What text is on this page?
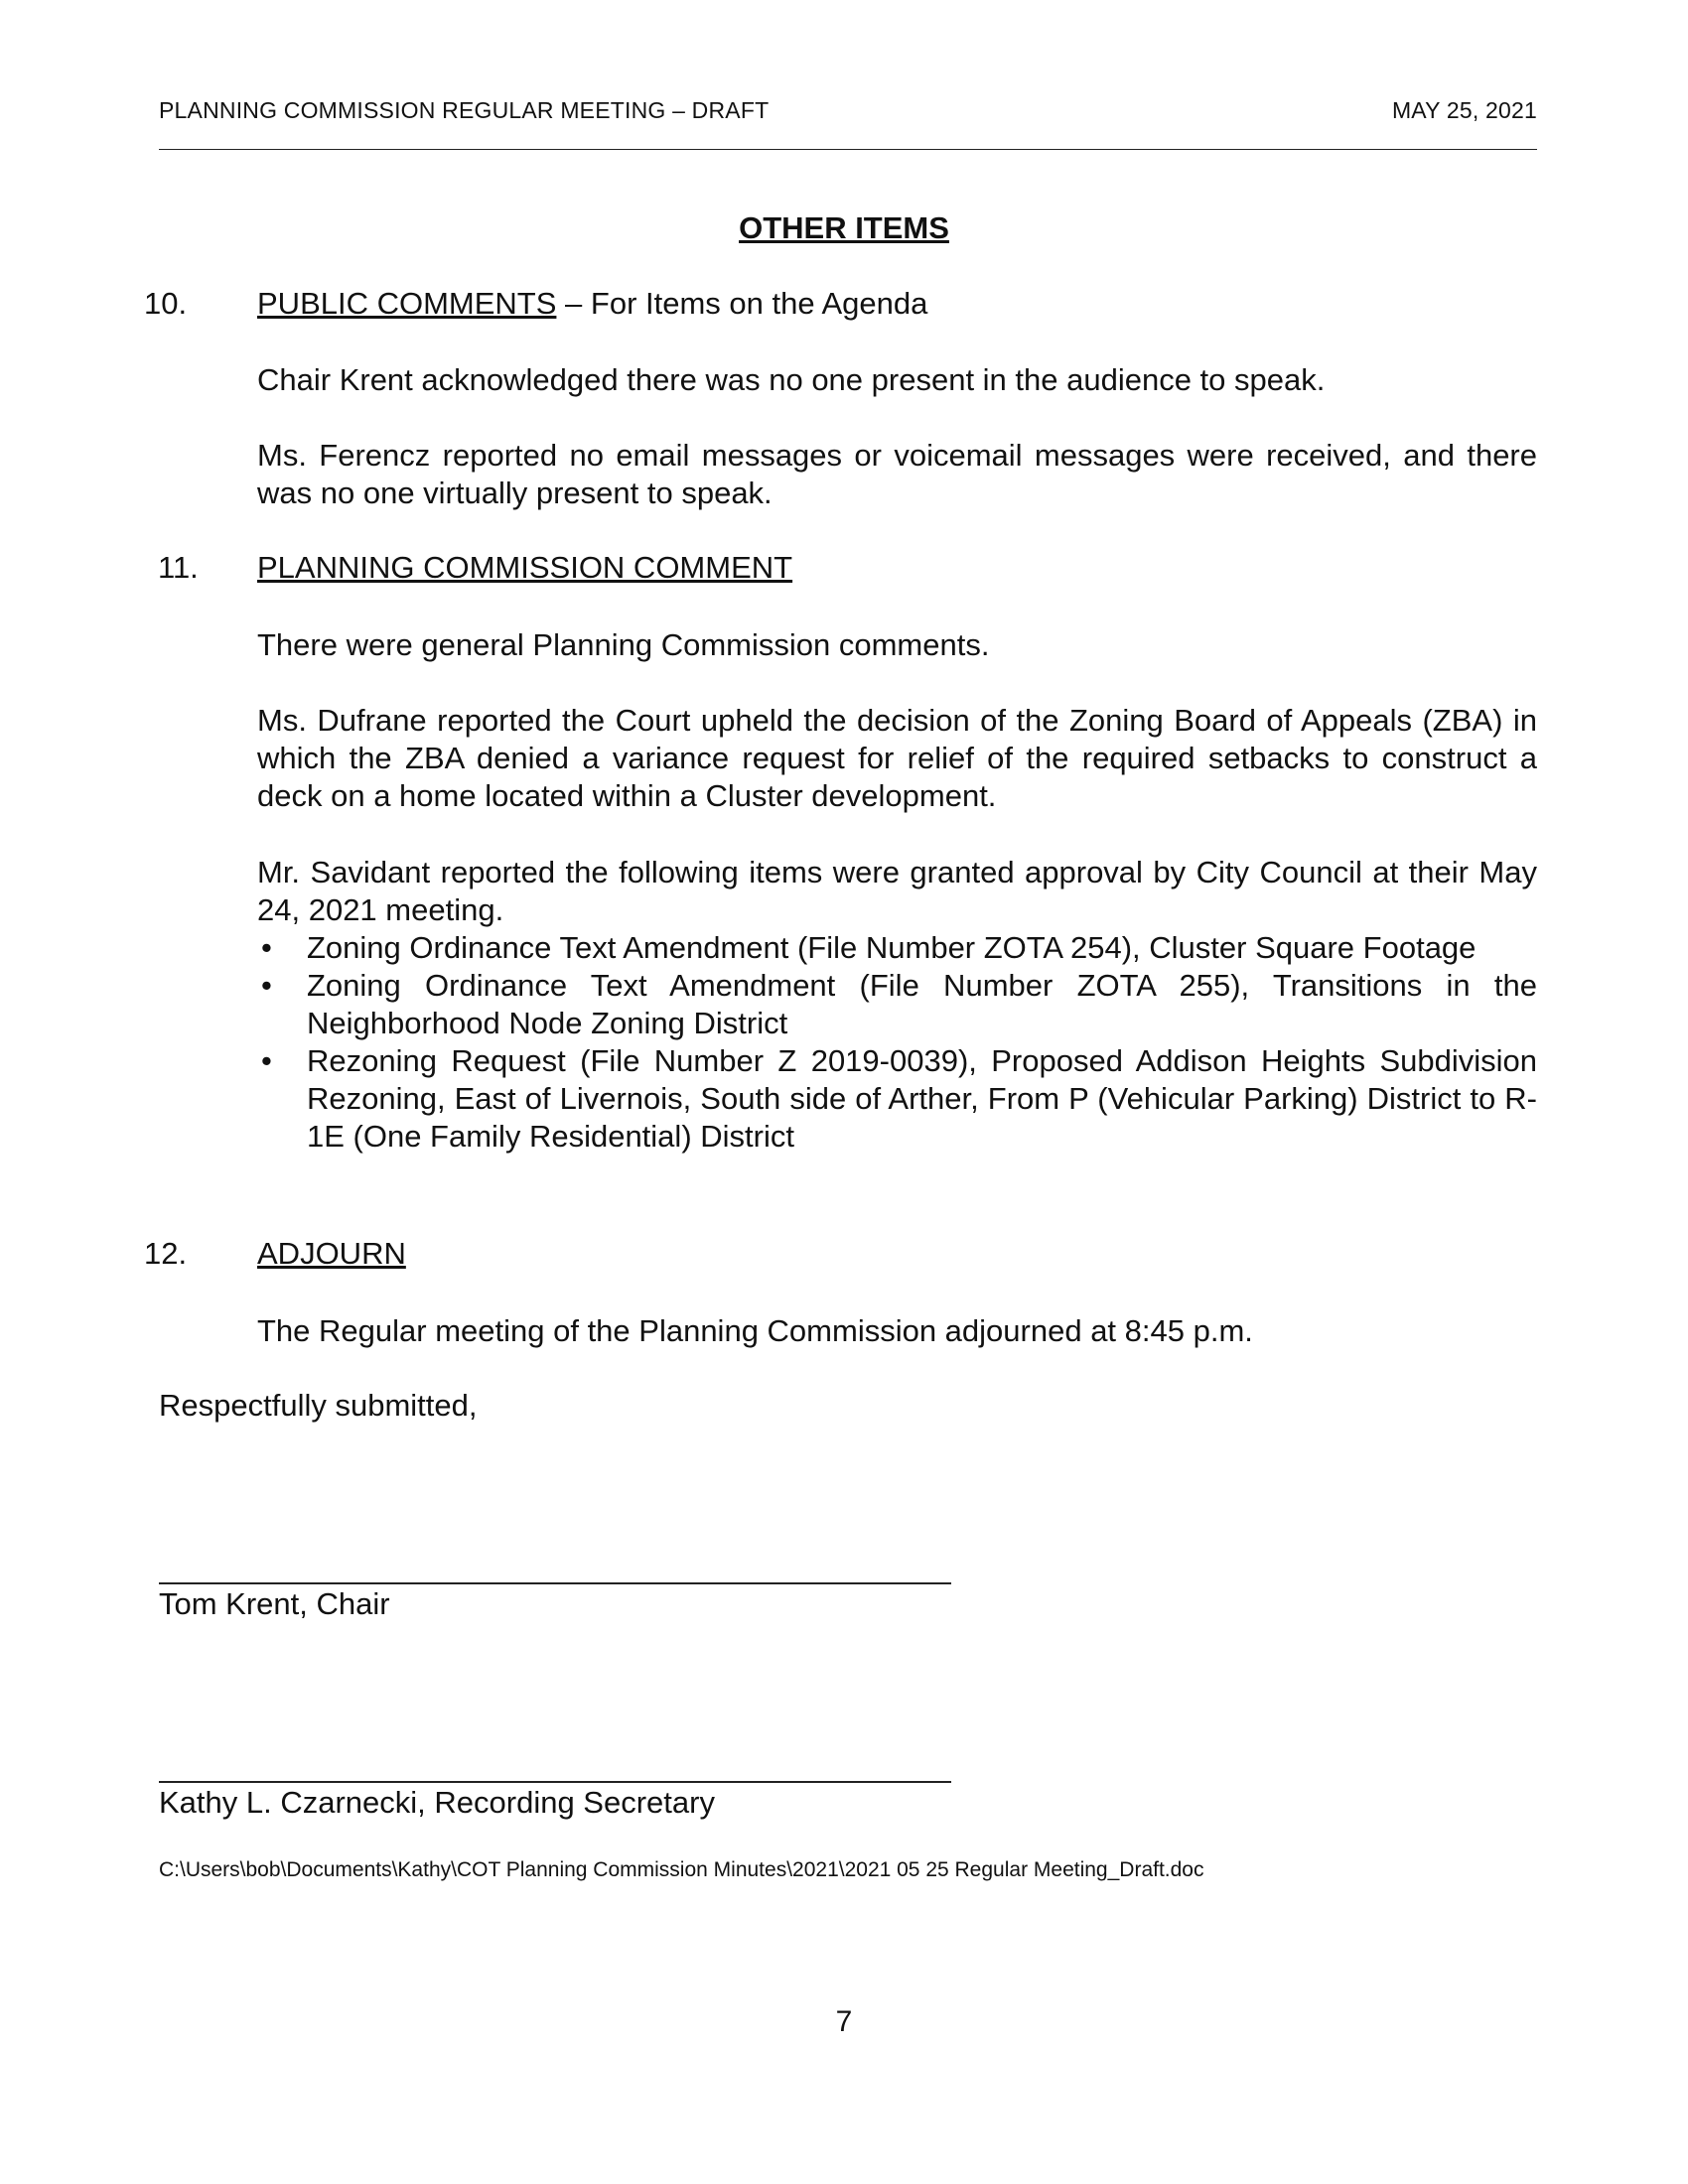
PLANNING COMMISSION REGULAR MEETING – DRAFT	MAY 25, 2021
OTHER ITEMS
10. PUBLIC COMMENTS – For Items on the Agenda
Chair Krent acknowledged there was no one present in the audience to speak.
Ms. Ferencz reported no email messages or voicemail messages were received, and there was no one virtually present to speak.
11. PLANNING COMMISSION COMMENT
There were general Planning Commission comments.
Ms. Dufrane reported the Court upheld the decision of the Zoning Board of Appeals (ZBA) in which the ZBA denied a variance request for relief of the required setbacks to construct a deck on a home located within a Cluster development.
Mr. Savidant reported the following items were granted approval by City Council at their May 24, 2021 meeting.
• Zoning Ordinance Text Amendment (File Number ZOTA 254), Cluster Square Footage
• Zoning Ordinance Text Amendment (File Number ZOTA 255), Transitions in the Neighborhood Node Zoning District
• Rezoning Request (File Number Z 2019-0039), Proposed Addison Heights Subdivision Rezoning, East of Livernois, South side of Arther, From P (Vehicular Parking) District to R-1E (One Family Residential) District
12. ADJOURN
The Regular meeting of the Planning Commission adjourned at 8:45 p.m.
Respectfully submitted,
Tom Krent, Chair
Kathy L. Czarnecki, Recording Secretary
C:\Users\bob\Documents\Kathy\COT Planning Commission Minutes\2021\2021 05 25 Regular Meeting_Draft.doc
7
